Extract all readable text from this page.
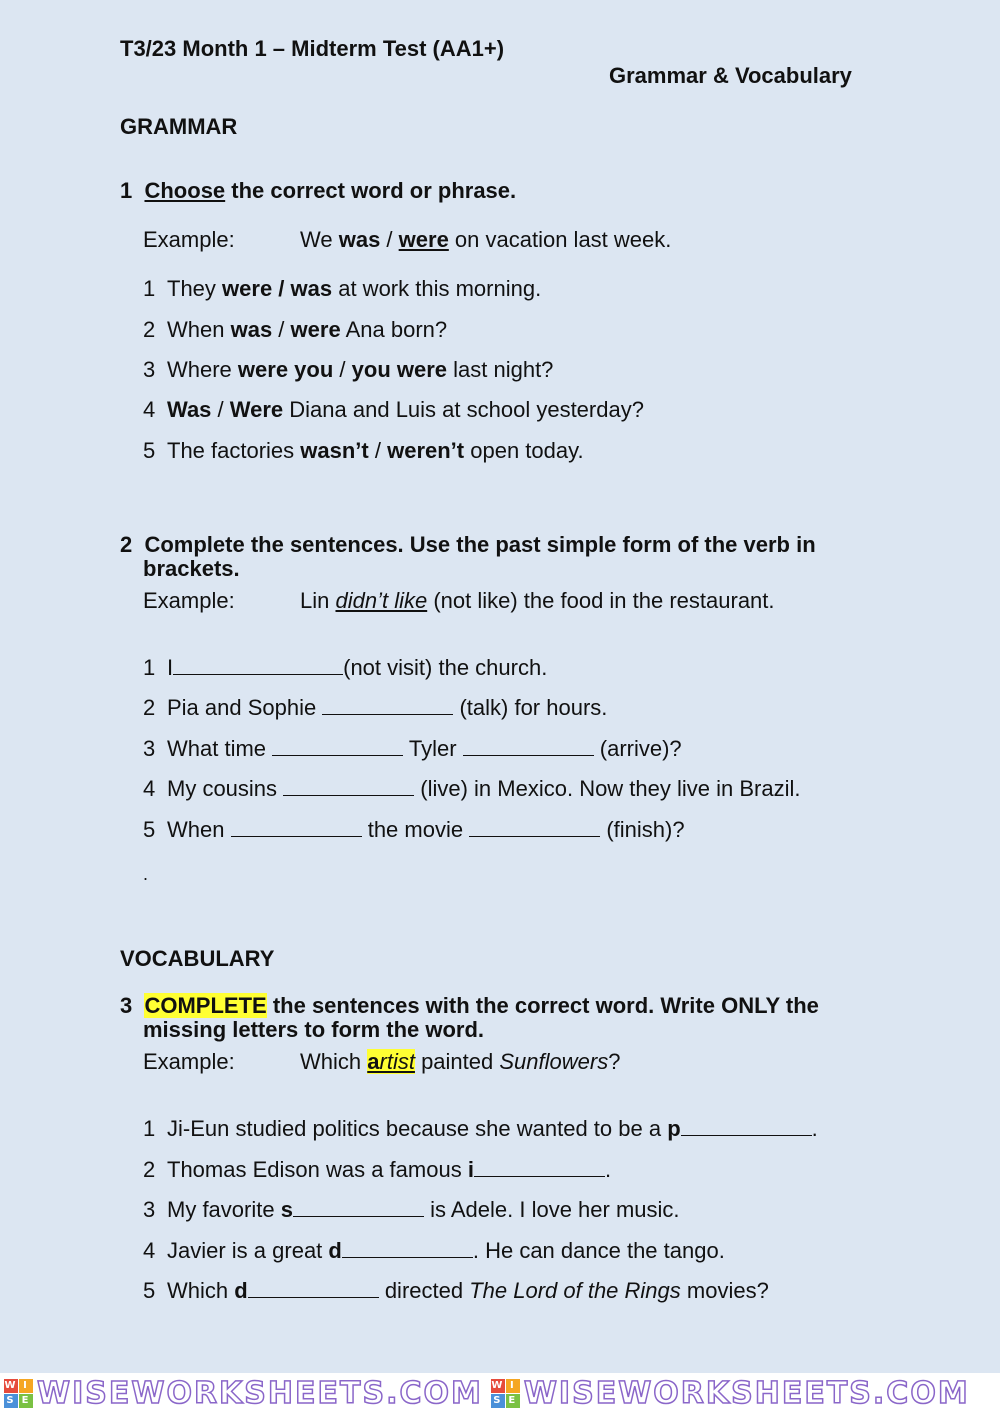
T3/23 Month 1 – Midterm Test (AA1+)
Grammar & Vocabulary
GRAMMAR
1 Choose the correct word or phrase.
Example:	We was / were on vacation last week.
1 They were / was at work this morning.
2 When was / were Ana born?
3 Where were you / you were last night?
4 Was / Were Diana and Luis at school yesterday?
5 The factories wasn’t / weren’t open today.
2 Complete the sentences. Use the past simple form of the verb in
brackets.
Example:	Lin didn’t like (not like) the food in the restaurant.
1 I	(not visit) the church.
2 Pia and Sophie	(talk) for hours.
3 What time	Tyler	(arrive)?
4 My cousins	(live) in Mexico. Now they live in Brazil.
5 When	the movie	(finish)?
.
VOCABULARY
3 COMPLETE the sentences with the correct word. Write ONLY the
missing letters to form the word.
Example:	Which artist painted Sunflowers?
1 Ji-Eun studied politics because she wanted to be a p	.
2 Thomas Edison was a famous i	.
3 My favorite s	is Adele. I love her music.
4 Javier is a great d	. He can dance the tango.
5 Which d	directed The Lord of the Rings movies?
W I
S E WISEWORKSHEETS.COM W I
S E WISEWORKSHEETS.COM
